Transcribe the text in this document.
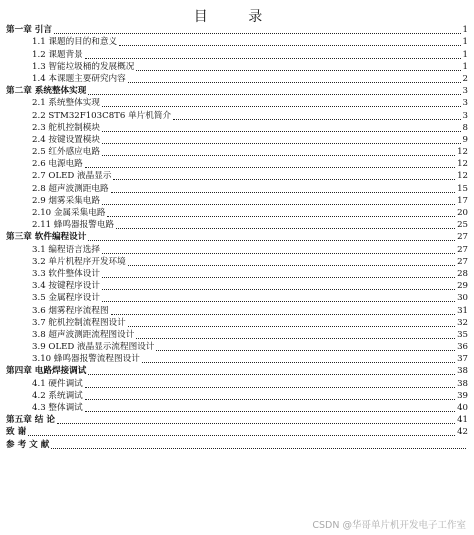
目 录
第一章 引言	1
1.1 课题的目的和意义	1
1.2 课题背景	1
1.3 智能垃圾桶的发展概况	1
1.4 本课题主要研究内容	2
第二章 系统整体实现	3
2.1 系统整体实现	3
2.2 STM32F103C8T6 单片机简介	3
2.3 舵机控制模块	8
2.4 按键设置模块	9
2.5 红外感应电路	12
2.6 电源电路	12
2.7 OLED 液晶显示	12
2.8 超声波测距电路	15
2.9 烟雾采集电路	17
2.10 金属采集电路	20
2.11 蜂鸣器报警电路	25
第三章 软件编程设计	27
3.1 编程语言选择	27
3.2 单片机程序开发环境	27
3.3 软件整体设计	28
3.4 按键程序设计	29
3.5 金属程序设计	30
3.6 烟雾程序流程图	31
3.7 舵机控制流程图设计	32
3.8 超声波测距流程图设计	35
3.9 OLED 液晶显示流程图设计	36
3.10 蜂鸣器报警流程图设计	37
第四章 电路焊接调试	38
4.1 硬件调试	38
4.2 系统调试	39
4.3 整体调试	40
第五章 结 论	41
致 谢	42
参 考 文 献
CSDN @华哥单片机开发电子工作室
